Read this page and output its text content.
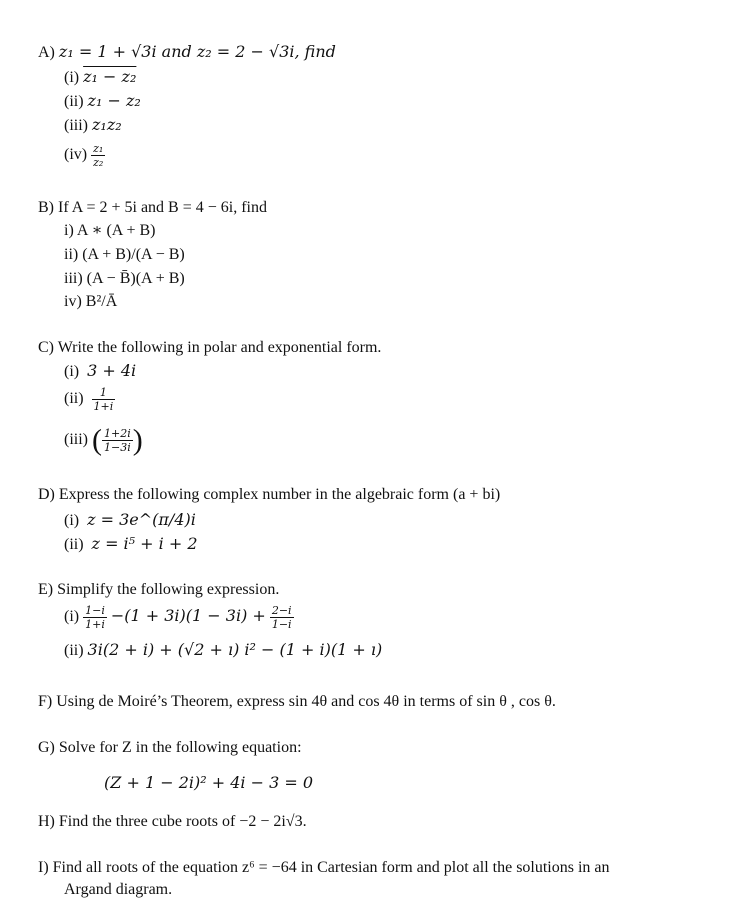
A) z₁ = 1 + √3i and z₂ = 2 − √3i, find
(i) z₁ − z₂
(ii) z₁ − z₂
(iii) z₁z₂
$(iv) \frac{\text{z₁}}{\text{z₂}}$
B) If A = 2 + 5i and B = 4 − 6i, find
i) A ∗ (A + B)
ii) (A + B)/(A − B)
iii) (A − B̄)(A + B)
iv) B²/Ā
C) Write the following in polar and exponential form.
(i) 3 + 4i
$(ii) \frac{1}{1+i}$
(iii) ( $\frac{1+2i}{1-3i}$ )
D) Express the following complex number in the algebraic form (a + bi)
(i) z = 3e^(π/4)i
(ii) z = i⁵ + i + 2
E) Simplify the following expression.
$(i) \frac{1-i}{1+i} -(1 + 3i)(1 - 3i) + \frac{2-i}{1-i}$
(ii) 3i(2 + i) + (√2 + ı) i² − (1 + i)(1 + ı)
F) Using de Moiré’s Theorem, express sin 4θ and cos 4θ in terms of sin θ , cos θ.
G) Solve for Z in the following equation:
(Z + 1 − 2i)² + 4i − 3 = 0
H) Find the three cube roots of −2 − 2i√3.
I) Find all roots of the equation z⁶ = −64 in Cartesian form and plot all the solutions in an
Argand diagram.
